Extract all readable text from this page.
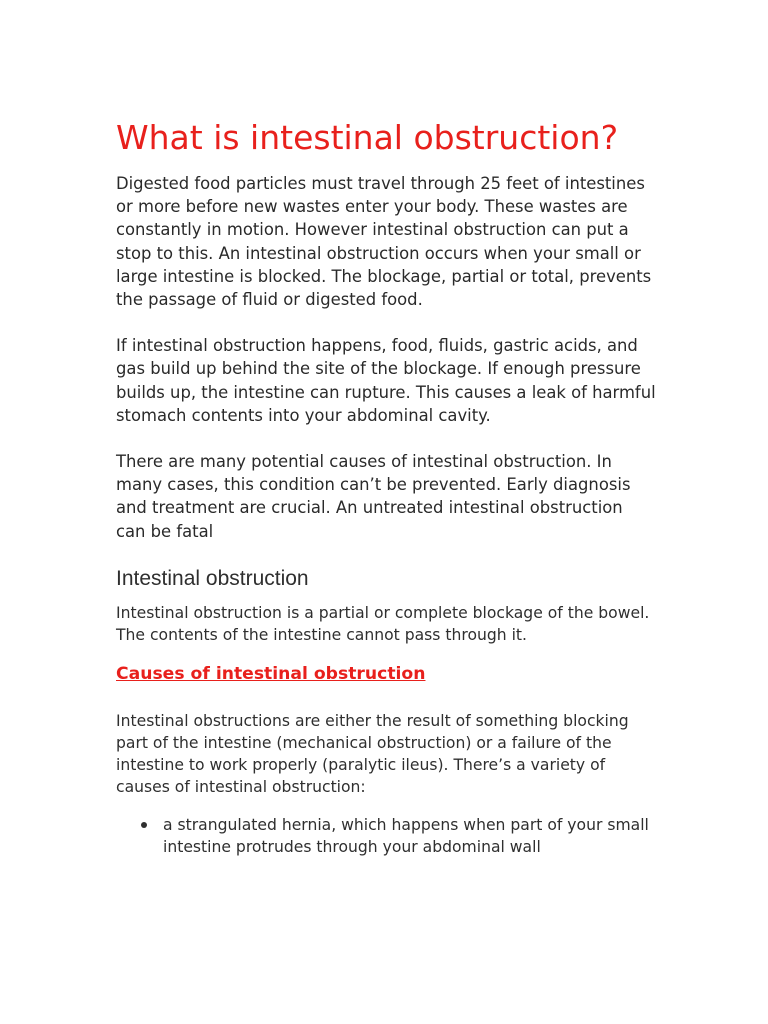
What is intestinal obstruction?

Digested food particles must travel through 25 feet of intestines or more before new wastes enter your body. These wastes are constantly in motion. However intestinal obstruction can put a stop to this. An intestinal obstruction occurs when your small or large intestine is blocked. The blockage, partial or total, prevents the passage of fluid or digested food.

If intestinal obstruction happens, food, fluids, gastric acids, and gas build up behind the site of the blockage. If enough pressure builds up, the intestine can rupture. This causes a leak of harmful stomach contents into your abdominal cavity.

There are many potential causes of intestinal obstruction. In many cases, this condition can’t be prevented. Early diagnosis and treatment are crucial. An untreated intestinal obstruction can be fatal

Intestinal obstruction

Intestinal obstruction is a partial or complete blockage of the bowel. The contents of the intestine cannot pass through it.

Causes of intestinal obstruction

Intestinal obstructions are either the result of something blocking part of the intestine (mechanical obstruction) or a failure of the intestine to work properly (paralytic ileus). There’s a variety of causes of intestinal obstruction:

a strangulated hernia, which happens when part of your small intestine protrudes through your abdominal wall
